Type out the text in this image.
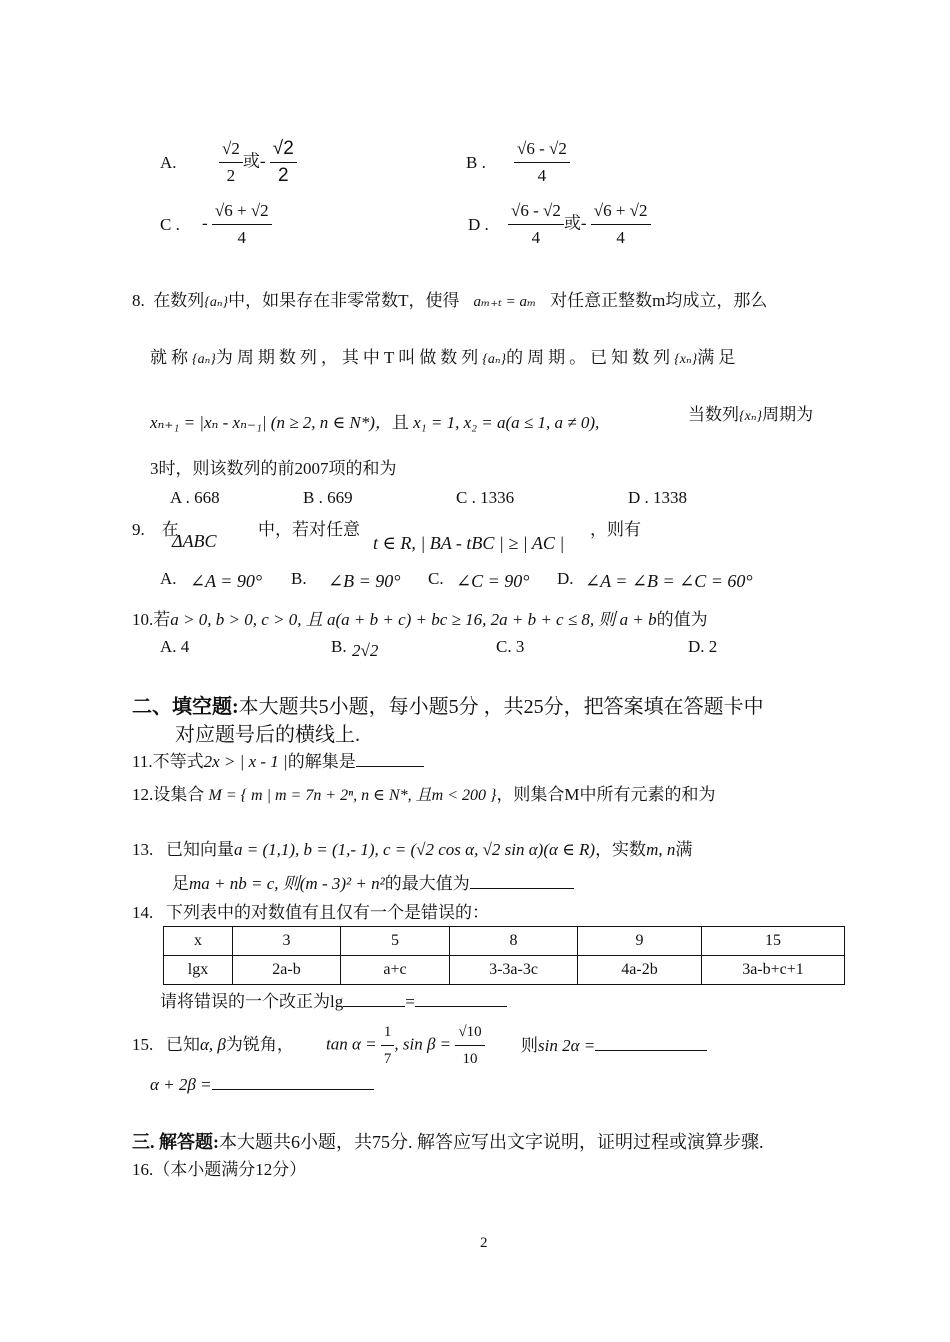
A. $\frac{√2}{2}$ 或- $\frac{√2}{2}$	B . $\frac{√6 - √2}{4}$
C . - $\frac{√6 + √2}{4}$	D . $\frac{√6 - √2}{4}$ 或- $\frac{√6 + √2}{4}$
8. 在数列{aₙ}中，如果存在非零常数T，使得 aₘ₊ₜ = aₘ 对任意正整数m均成立，那么
就称{aₙ}为周期数列，其中T叫做数列{aₙ}的周期。已知数列{xₙ}满足
xₙ₊₁ = |xₙ - xₙ₋₁| (n ≥ 2, n ∈ N*)，且 x₁ = 1, x₂ = a(a ≤ 1, a ≠ 0),	当数列{xₙ}周期为
3时，则该数列的前2007项的和为
A . 668	B . 669	C . 1336	D . 1338
9. 在
ΔABC
中，若对任意
t ∈ R, | BA - tBC | ≥ | AC |
，则有
A. ∠A = 90° B. ∠B = 90° C. ∠C = 90° D. ∠A = ∠B = ∠C = 60°
10.若a > 0, b > 0, c > 0, 且 a(a + b + c) + bc ≥ 16, 2a + b + c ≤ 8, 则 a + b的值为
A. 4	B. 2√2	C. 3	D. 2
二、填空题:本大题共5小题，每小题5分 ，共25分，把答案填在答题卡中
对应题号后的横线上.
11.不等式2x > | x - 1 |的解集是
12.设集合 M = { m | m = 7n + 2ⁿ, n ∈ N*, 且m < 200 }，则集合M中所有元素的和为
13. 已知向量a = (1,1), b = (1,- 1), c = (√2 cos α, √2 sin α)(α ∈ R)，实数m, n满
足ma + nb = c, 则(m - 3)² + n²的最大值为
14. 下列表中的对数值有且仅有一个是错误的：
x	3	5	8	9	15
lgx	2a-b	a+c	3-3a-3c	4a-2b	3a-b+c+1
请将错误的一个改正为lg	=
15. 已知α, β为锐角， $\tan \alpha = \frac{1}{7}$ , $\sin \beta = \frac{√10}{10}$ 则sin 2α =
α + 2β =
三. 解答题:本大题共6小题，共75分. 解答应写出文字说明，证明过程或演算步骤.
16.（本小题满分12分）
2
